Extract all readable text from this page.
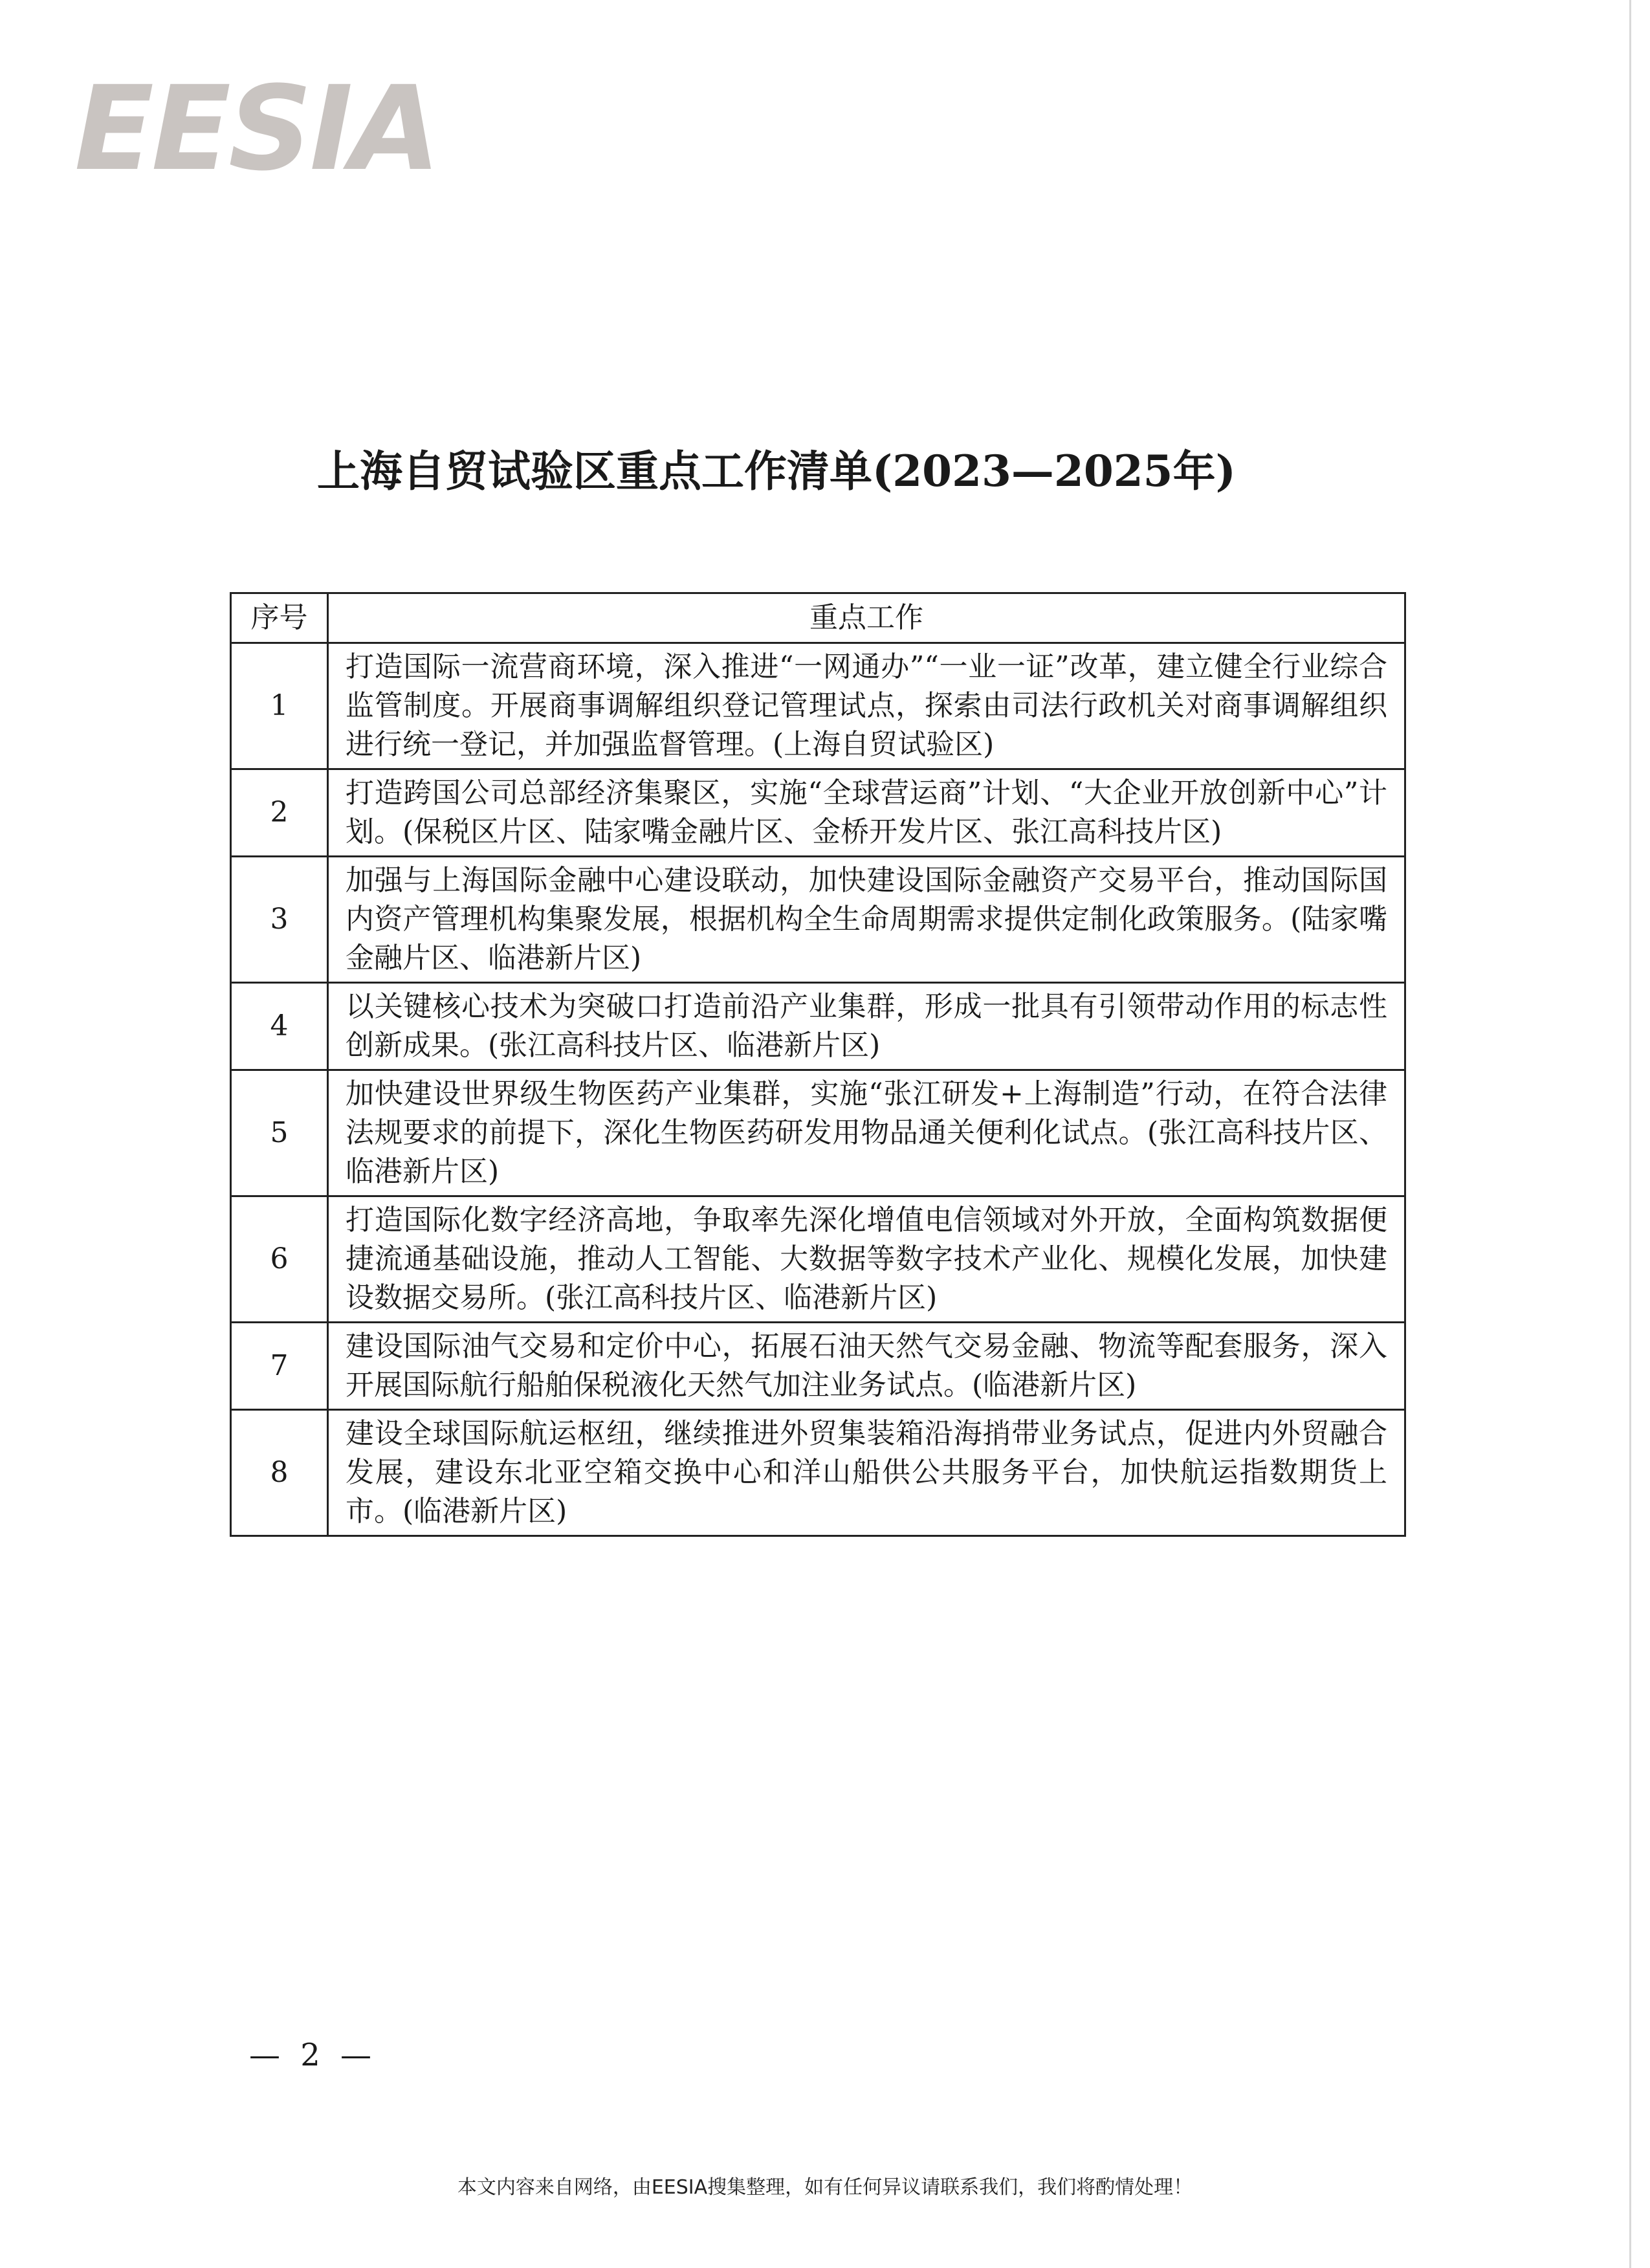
EESIA
上海自贸试验区重点工作清单(2023—2025年)
序号	重点工作
1	打造国际一流营商环境，深入推进“一网通办”“一业一证”改革，建立健全行业综合监管制度。开展商事调解组织登记管理试点，探索由司法行政机关对商事调解组织进行统一登记，并加强监督管理。(上海自贸试验区)
2	打造跨国公司总部经济集聚区，实施“全球营运商”计划、“大企业开放创新中心”计划。(保税区片区、陆家嘴金融片区、金桥开发片区、张江高科技片区)
3	加强与上海国际金融中心建设联动，加快建设国际金融资产交易平台，推动国际国内资产管理机构集聚发展，根据机构全生命周期需求提供定制化政策服务。(陆家嘴金融片区、临港新片区)
4	以关键核心技术为突破口打造前沿产业集群，形成一批具有引领带动作用的标志性创新成果。(张江高科技片区、临港新片区)
5	加快建设世界级生物医药产业集群，实施“张江研发+上海制造”行动，在符合法律法规要求的前提下，深化生物医药研发用物品通关便利化试点。(张江高科技片区、临港新片区)
6	打造国际化数字经济高地，争取率先深化增值电信领域对外开放，全面构筑数据便捷流通基础设施，推动人工智能、大数据等数字技术产业化、规模化发展，加快建设数据交易所。(张江高科技片区、临港新片区)
7	建设国际油气交易和定价中心，拓展石油天然气交易金融、物流等配套服务，深入开展国际航行船舶保税液化天然气加注业务试点。(临港新片区)
8	建设全球国际航运枢纽，继续推进外贸集装箱沿海捎带业务试点，促进内外贸融合发展，建设东北亚空箱交换中心和洋山船供公共服务平台，加快航运指数期货上市。(临港新片区)
— 2 —
本文内容来自网络，由EESIA搜集整理，如有任何异议请联系我们，我们将酌情处理！
